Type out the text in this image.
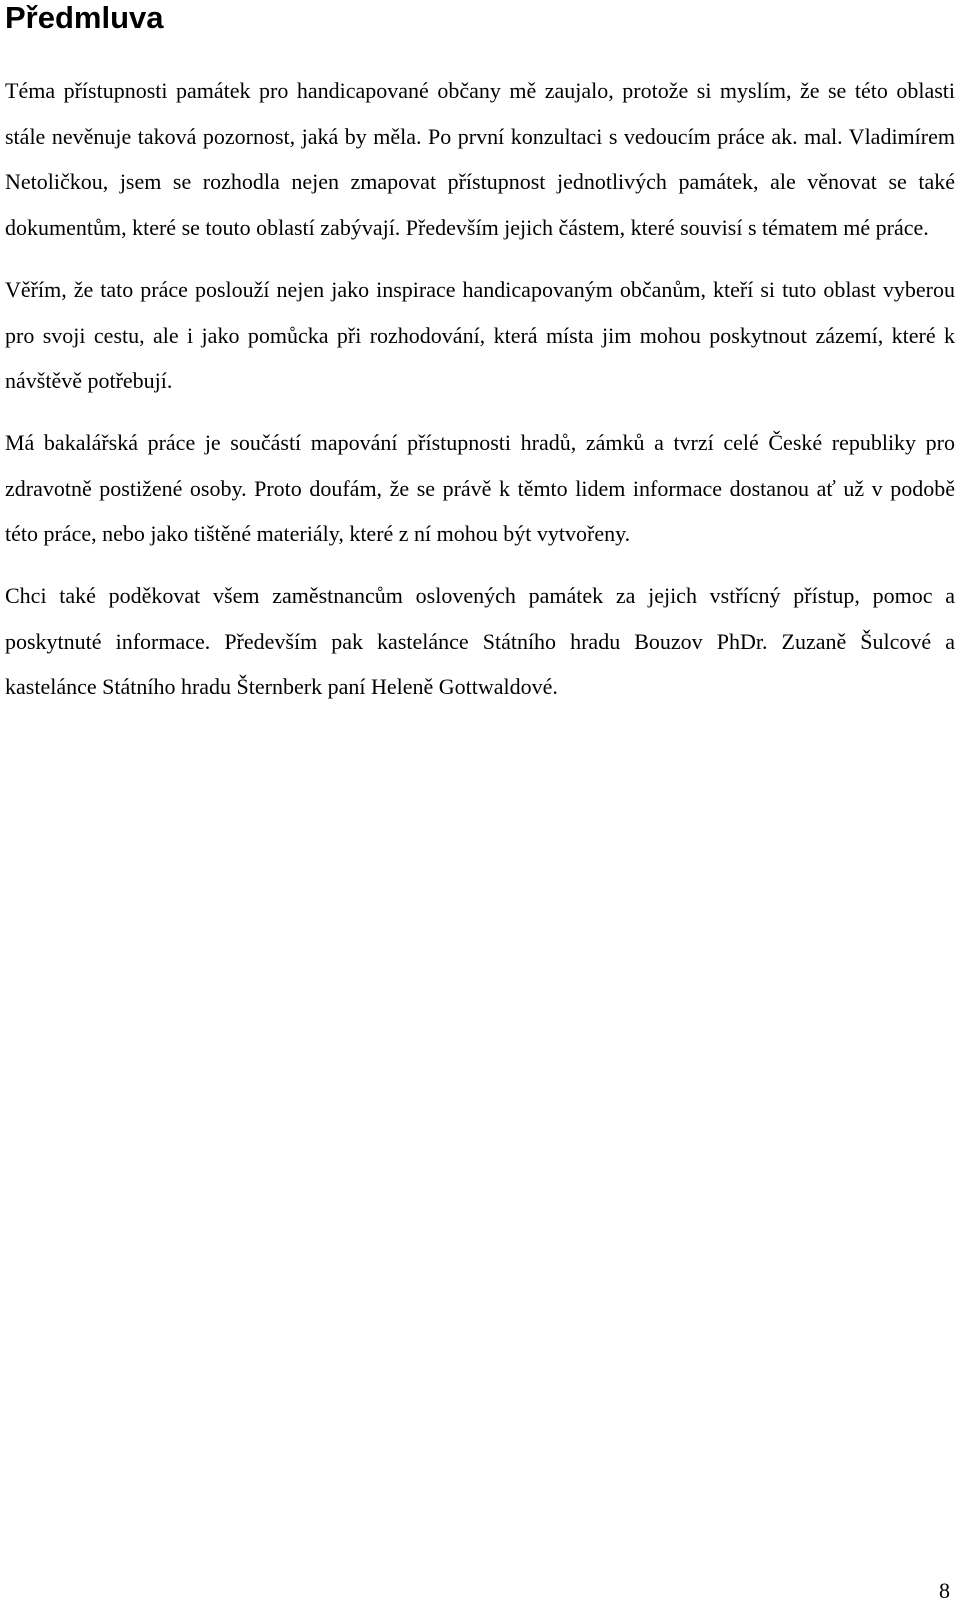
Předmluva

Téma přístupnosti památek pro handicapované občany mě zaujalo, protože si myslím, že se této oblasti stále nevěnuje taková pozornost, jaká by měla. Po první konzultaci s vedoucím práce ak. mal. Vladimírem Netoličkou, jsem se rozhodla nejen zmapovat přístupnost jednotlivých památek, ale věnovat se také dokumentům, které se touto oblastí zabývají. Především jejich částem, které souvisí s tématem mé práce.

Věřím, že tato práce poslouží nejen jako inspirace handicapovaným občanům, kteří si tuto oblast vyberou pro svoji cestu, ale i jako pomůcka při rozhodování, která místa jim mohou poskytnout zázemí, které k návštěvě potřebují.

Má bakalářská práce je součástí mapování přístupnosti hradů, zámků a tvrzí celé České republiky pro zdravotně postižené osoby. Proto doufám, že se právě k těmto lidem informace dostanou ať už v podobě této práce, nebo jako tištěné materiály, které z ní mohou být vytvořeny.

Chci také poděkovat všem zaměstnancům oslovených památek za jejich vstřícný přístup, pomoc a poskytnuté informace. Především pak kastelánce Státního hradu Bouzov PhDr. Zuzaně Šulcové a kastelánce Státního hradu Šternberk paní Heleně Gottwaldové.

8
